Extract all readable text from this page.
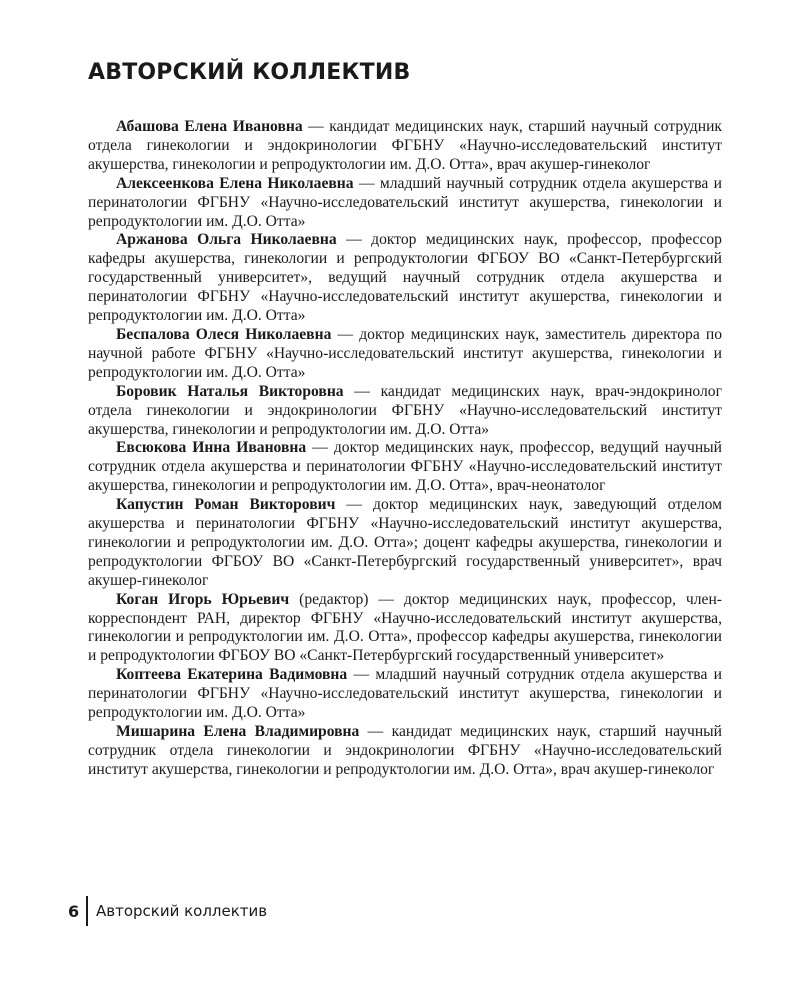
АВТОРСКИЙ КОЛЛЕКТИВ

Абашова Елена Ивановна — кандидат медицинских наук, старший научный сотрудник отдела гинекологии и эндокринологии ФГБНУ «Научно-исследовательский институт акушерства, гинекологии и репродуктологии им. Д.О. Отта», врач акушер-гинеколог

Алексеенкова Елена Николаевна — младший научный сотрудник отдела акушерства и перинатологии ФГБНУ «Научно-исследовательский институт акушерства, гинекологии и репродуктологии им. Д.О. Отта»

Аржанова Ольга Николаевна — доктор медицинских наук, профессор, профессор кафедры акушерства, гинекологии и репродуктологии ФГБОУ ВО «Санкт-Петербургский государственный университет», ведущий научный сотрудник отдела акушерства и перинатологии ФГБНУ «Научно-исследовательский институт акушерства, гинекологии и репродуктологии им. Д.О. Отта»

Беспалова Олеся Николаевна — доктор медицинских наук, заместитель директора по научной работе ФГБНУ «Научно-исследовательский институт акушерства, гинекологии и репродуктологии им. Д.О. Отта»

Боровик Наталья Викторовна — кандидат медицинских наук, врач-эндокринолог отдела гинекологии и эндокринологии ФГБНУ «Научно-исследовательский институт акушерства, гинекологии и репродуктологии им. Д.О. Отта»

Евсюкова Инна Ивановна — доктор медицинских наук, профессор, ведущий научный сотрудник отдела акушерства и перинатологии ФГБНУ «Научно-исследовательский институт акушерства, гинекологии и репродуктологии им. Д.О. Отта», врач-неонатолог

Капустин Роман Викторович — доктор медицинских наук, заведующий отделом акушерства и перинатологии ФГБНУ «Научно-исследовательский институт акушерства, гинекологии и репродуктологии им. Д.О. Отта»; доцент кафедры акушерства, гинекологии и репродуктологии ФГБОУ ВО «Санкт-Петербургский государственный университет», врач акушер-гинеколог

Коган Игорь Юрьевич (редактор) — доктор медицинских наук, профессор, член-корреспондент РАН, директор ФГБНУ «Научно-исследовательский институт акушерства, гинекологии и репродуктологии им. Д.О. Отта», профессор кафедры акушерства, гинекологии и репродуктологии ФГБОУ ВО «Санкт-Петербургский государственный университет»

Коптеева Екатерина Вадимовна — младший научный сотрудник отдела акушерства и перинатологии ФГБНУ «Научно-исследовательский институт акушерства, гинекологии и репродуктологии им. Д.О. Отта»

Мишарина Елена Владимировна — кандидат медицинских наук, старший научный сотрудник отдела гинекологии и эндокринологии ФГБНУ «Научно-исследовательский институт акушерства, гинекологии и репродуктологии им. Д.О. Отта», врач акушер-гинеколог

6 Авторский коллектив
